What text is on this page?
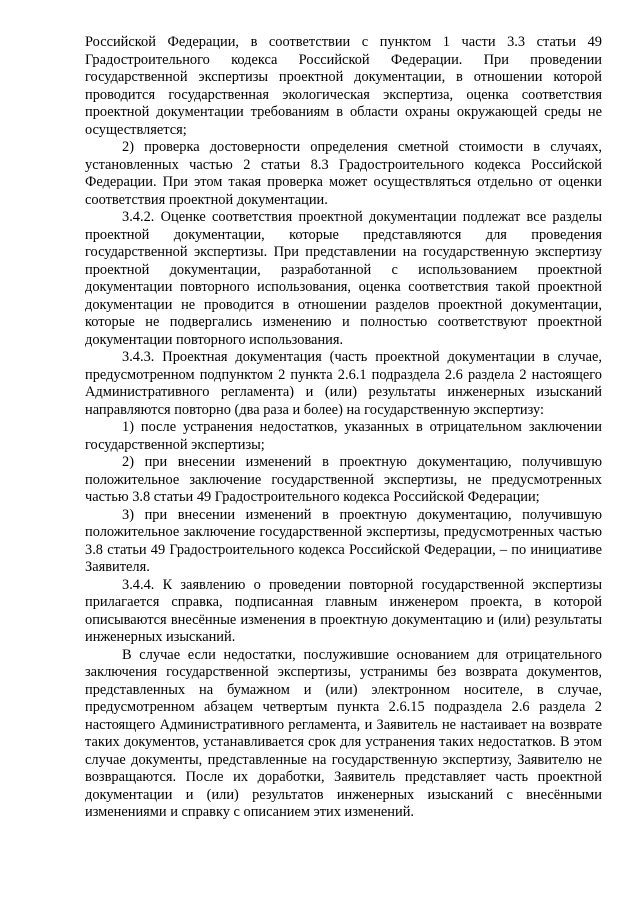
Российской Федерации, в соответствии с пунктом 1 части 3.3 статьи 49 Градостроительного кодекса Российской Федерации. При проведении государственной экспертизы проектной документации, в отношении которой проводится государственная экологическая экспертиза, оценка соответствия проектной документации требованиям в области охраны окружающей среды не осуществляется;

2) проверка достоверности определения сметной стоимости в случаях, установленных частью 2 статьи 8.3 Градостроительного кодекса Российской Федерации. При этом такая проверка может осуществляться отдельно от оценки соответствия проектной документации.

3.4.2. Оценке соответствия проектной документации подлежат все разделы проектной документации, которые представляются для проведения государственной экспертизы. При представлении на государственную экспертизу проектной документации, разработанной с использованием проектной документации повторного использования, оценка соответствия такой проектной документации не проводится в отношении разделов проектной документации, которые не подвергались изменению и полностью соответствуют проектной документации повторного использования.

3.4.3. Проектная документация (часть проектной документации в случае, предусмотренном подпунктом 2 пункта 2.6.1 подраздела 2.6 раздела 2 настоящего Административного регламента) и (или) результаты инженерных изысканий направляются повторно (два раза и более) на государственную экспертизу:

1) после устранения недостатков, указанных в отрицательном заключении государственной экспертизы;

2) при внесении изменений в проектную документацию, получившую положительное заключение государственной экспертизы, не предусмотренных частью 3.8 статьи 49 Градостроительного кодекса Российской Федерации;

3) при внесении изменений в проектную документацию, получившую положительное заключение государственной экспертизы, предусмотренных частью 3.8 статьи 49 Градостроительного кодекса Российской Федерации, – по инициативе Заявителя.

3.4.4. К заявлению о проведении повторной государственной экспертизы прилагается справка, подписанная главным инженером проекта, в которой описываются внесённые изменения в проектную документацию и (или) результаты инженерных изысканий.

В случае если недостатки, послужившие основанием для отрицательного заключения государственной экспертизы, устранимы без возврата документов, представленных на бумажном и (или) электронном носителе, в случае, предусмотренном абзацем четвертым пункта 2.6.15 подраздела 2.6 раздела 2 настоящего Административного регламента, и Заявитель не настаивает на возврате таких документов, устанавливается срок для устранения таких недостатков. В этом случае документы, представленные на государственную экспертизу, Заявителю не возвращаются. После их доработки, Заявитель представляет часть проектной документации и (или) результатов инженерных изысканий с внесёнными изменениями и справку с описанием этих изменений.
